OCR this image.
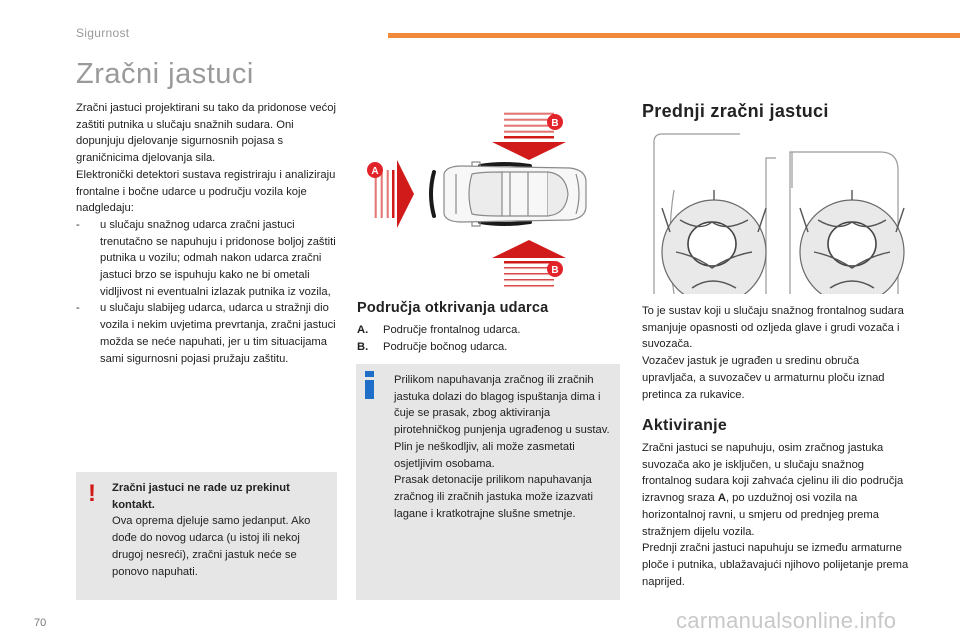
Sigurnost
Zračni jastuci
Zračni jastuci projektirani su tako da pridonose većoj zaštiti putnika u slučaju snažnih sudara. Oni dopunjuju djelovanje sigurnosnih pojasa s graničnicima djelovanja sila.
Elektronički detektori sustava registriraju i analiziraju frontalne i bočne udarce u području vozila koje nadgledaju:
- u slučaju snažnog udarca zračni jastuci trenutačno se napuhuju i pridonose boljoj zaštiti putnika u vozilu; odmah nakon udarca zračni jastuci brzo se ispuhuju kako ne bi ometali vidljivost ni eventualni izlazak putnika iz vozila,
- u slučaju slabijeg udarca, udarca u stražnji dio vozila i nekim uvjetima prevrtanja, zračni jastuci možda se neće napuhati, jer u tim situacijama sami sigurnosni pojasi pružaju zaštitu.
! Zračni jastuci ne rade uz prekinut kontakt.
Ova oprema djeluje samo jedanput. Ako dođe do novog udarca (u istoj ili nekoj drugoj nesreći), zračni jastuk neće se ponovo napuhati.
B
B
A
Područja otkrivanja udarca
A. Područje frontalnog udarca.
B. Područje bočnog udarca.
Prilikom napuhavanja zračnog ili zračnih jastuka dolazi do blagog ispuštanja dima i čuje se prasak, zbog aktiviranja pirotehničkog punjenja ugrađenog u sustav.
Plin je neškodljiv, ali može zasmetati osjetljivim osobama.
Prasak detonacije prilikom napuhavanja zračnog ili zračnih jastuka može izazvati lagane i kratkotrajne slušne smetnje.
Prednji zračni jastuci
To je sustav koji u slučaju snažnog frontalnog sudara smanjuje opasnosti od ozljeda glave i grudi vozača i suvozača.
Vozačev jastuk je ugrađen u sredinu obruča upravljača, a suvozačev u armaturnu ploču iznad pretinca za rukavice.
Aktiviranje
Zračni jastuci se napuhuju, osim zračnog jastuka suvozača ako je isključen, u slučaju snažnog frontalnog sudara koji zahvaća cjelinu ili dio područja izravnog sraza A, po uzdužnoj osi vozila na horizontalnoj ravni, u smjeru od prednjeg prema stražnjem dijelu vozila.
Prednji zračni jastuci napuhuju se između armaturne ploče i putnika, ublažavajući njihovo polijetanje prema naprijed.
70	carmanualsonline.info
